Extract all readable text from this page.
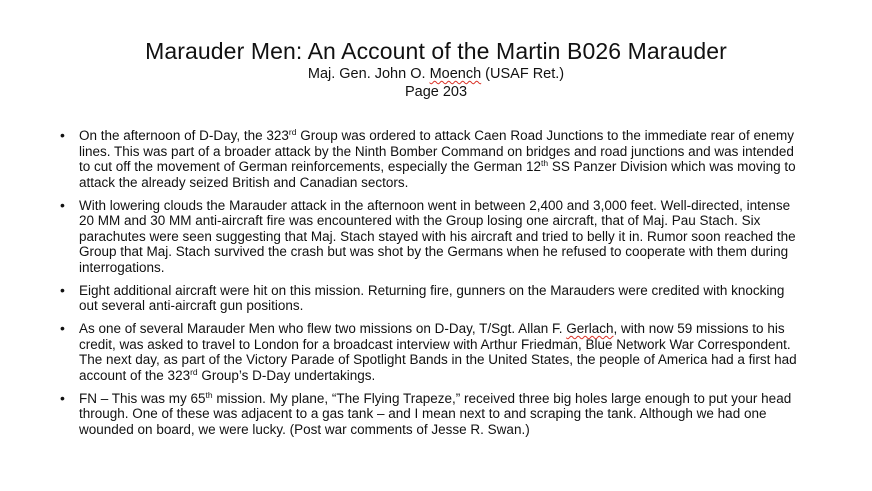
Marauder Men: An Account of the Martin B026 Marauder
Maj. Gen. John O. Moench (USAF Ret.)
Page 203
• On the afternoon of D-Day, the 323rd Group was ordered to attack Caen Road Junctions to the immediate rear of enemy lines. This was part of a broader attack by the Ninth Bomber Command on bridges and road junctions and was intended to cut off the movement of German reinforcements, especially the German 12th SS Panzer Division which was moving to attack the already seized British and Canadian sectors.
• With lowering clouds the Marauder attack in the afternoon went in between 2,400 and 3,000 feet. Well-directed, intense 20 MM and 30 MM anti-aircraft fire was encountered with the Group losing one aircraft, that of Maj. Pau Stach. Six parachutes were seen suggesting that Maj. Stach stayed with his aircraft and tried to belly it in. Rumor soon reached the Group that Maj. Stach survived the crash but was shot by the Germans when he refused to cooperate with them during interrogations.
• Eight additional aircraft were hit on this mission. Returning fire, gunners on the Marauders were credited with knocking out several anti-aircraft gun positions.
• As one of several Marauder Men who flew two missions on D-Day, T/Sgt. Allan F. Gerlach, with now 59 missions to his credit, was asked to travel to London for a broadcast interview with Arthur Friedman, Blue Network War Correspondent. The next day, as part of the Victory Parade of Spotlight Bands in the United States, the people of America had a first had account of the 323rd Group’s D-Day undertakings.
• FN – This was my 65th mission. My plane, “The Flying Trapeze,” received three big holes large enough to put your head through. One of these was adjacent to a gas tank – and I mean next to and scraping the tank. Although we had one wounded on board, we were lucky. (Post war comments of Jesse R. Swan.)
